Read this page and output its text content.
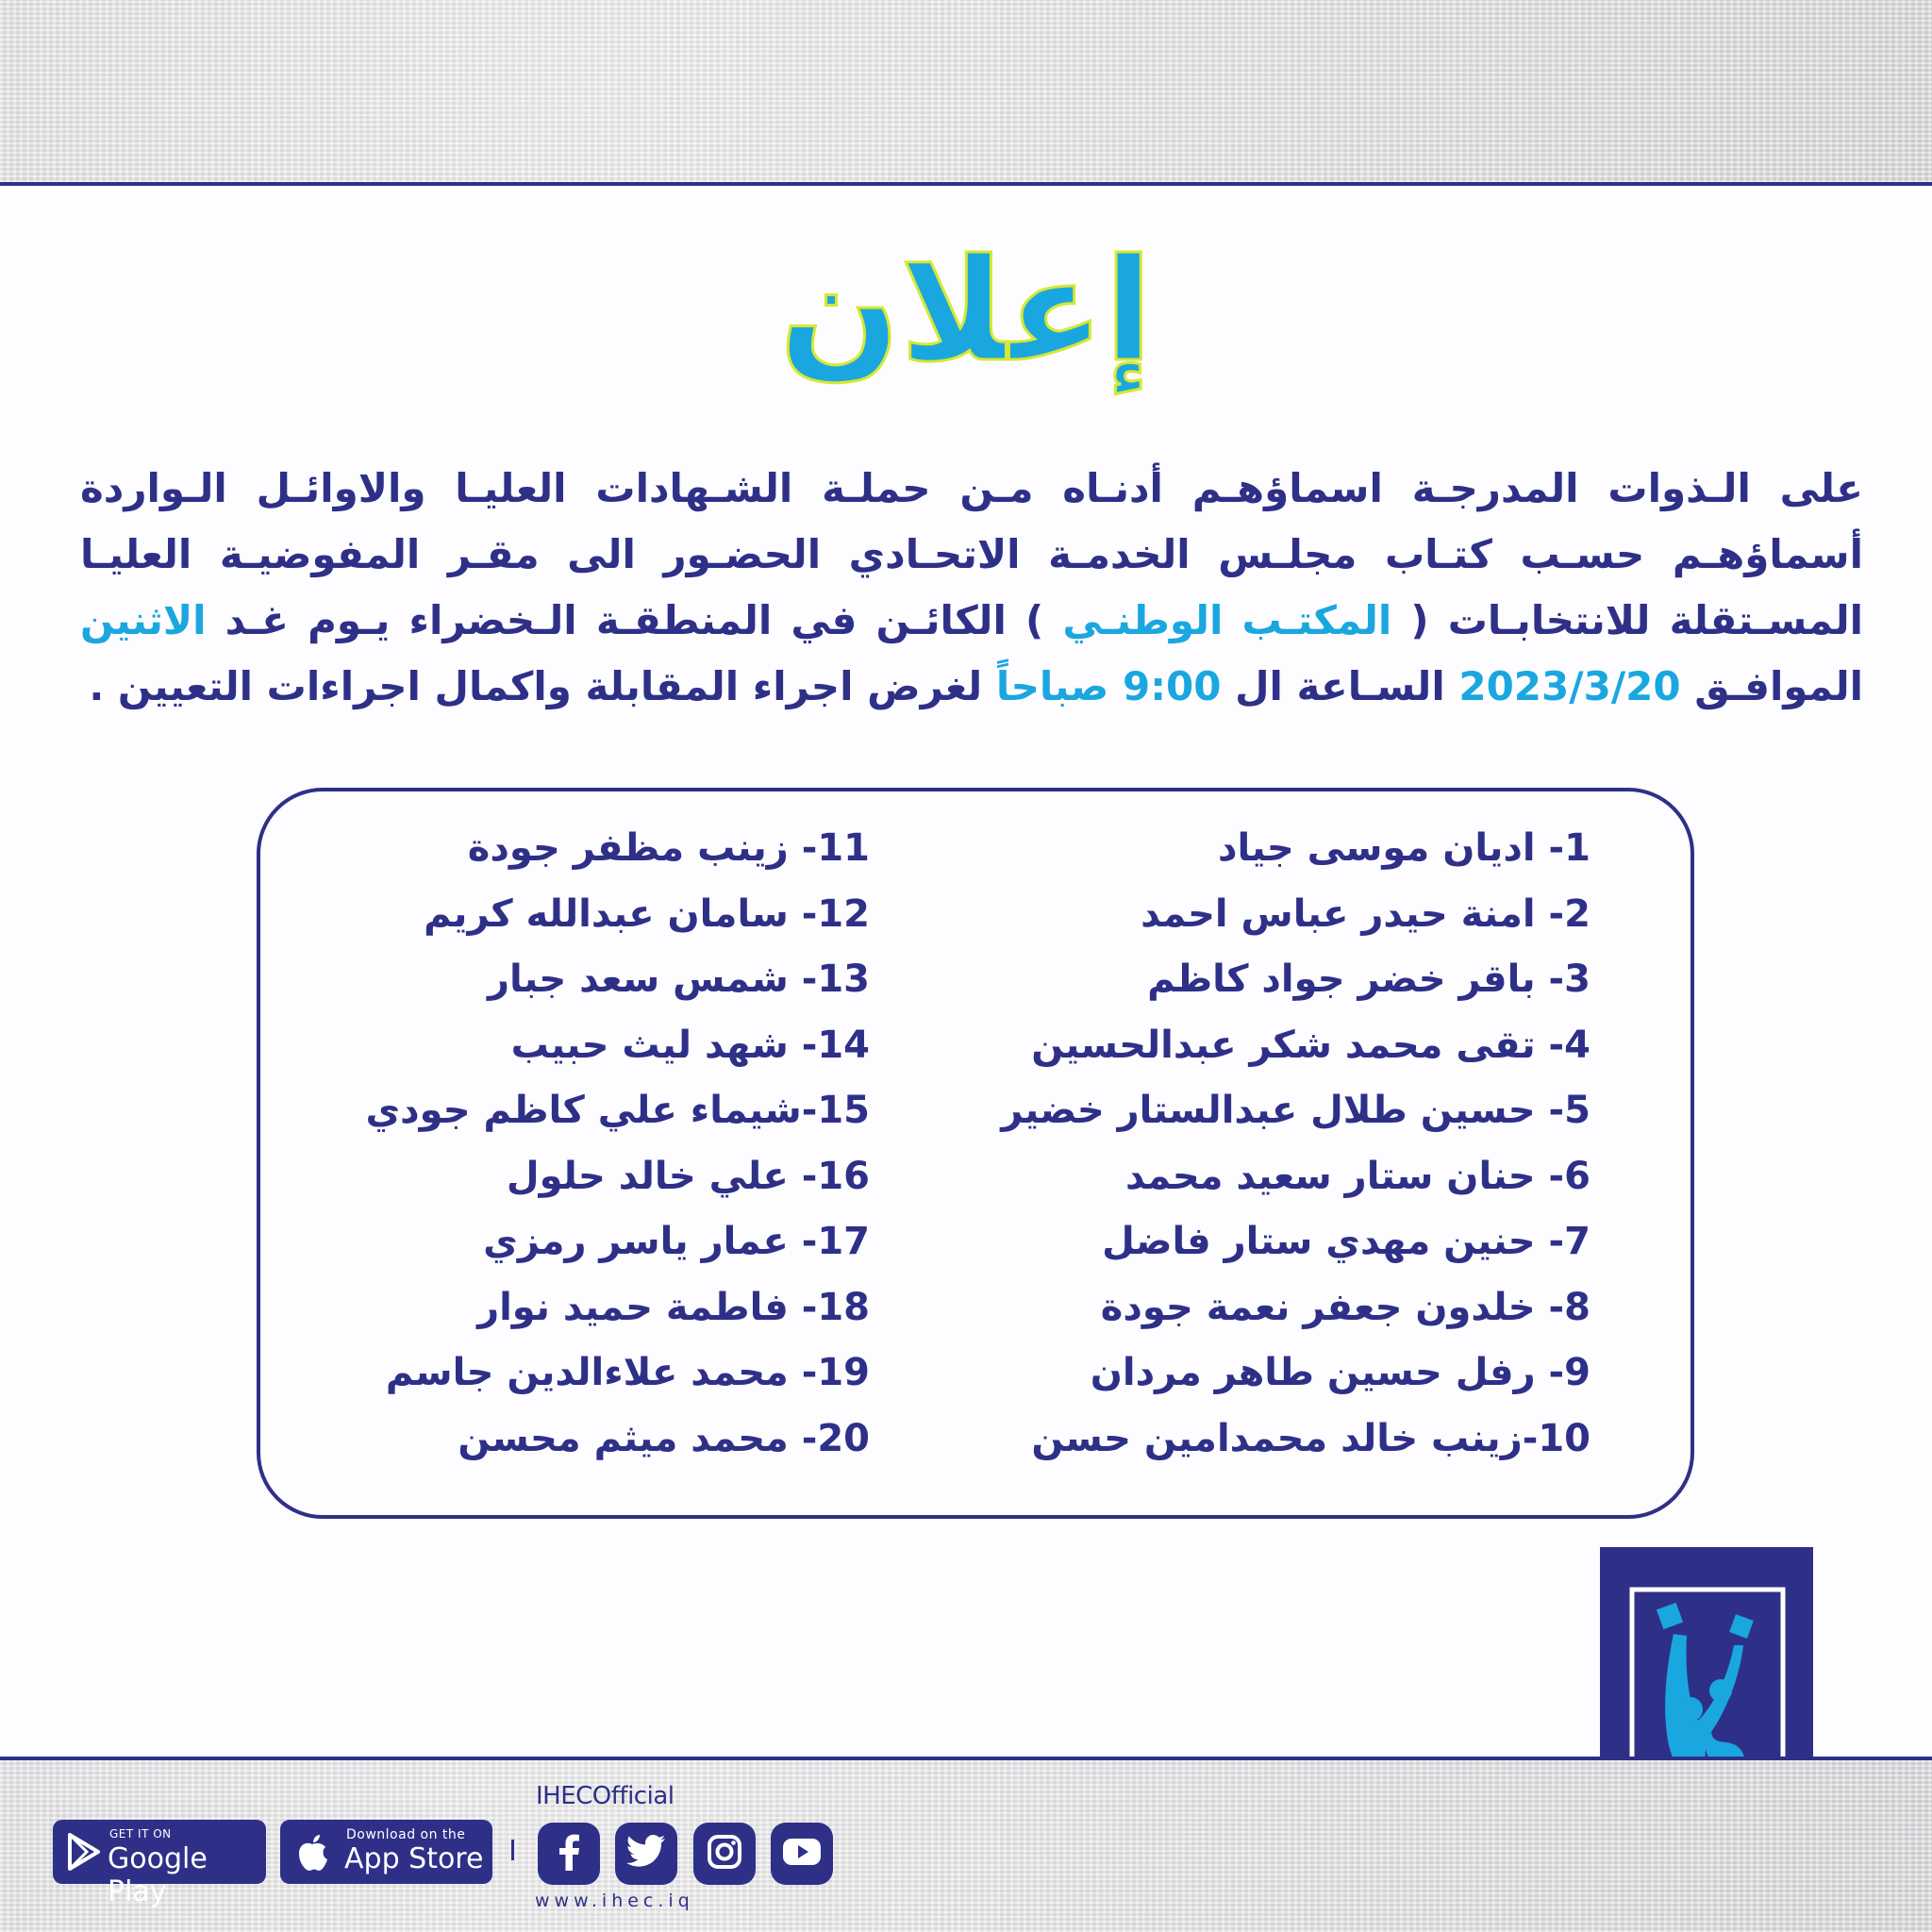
إعلان
على الـذوات المدرجـة اسماؤهـم أدنـاه مـن حملـة الشـهادات العليـا والاوائـل الـواردة أسماؤهـم حسـب كتـاب مجلـس الخدمـة الاتحـادي الحضـور الى مقـر المفوضيـة العليـا المسـتقلة للانتخابـات ( المكتـب الوطنـي ) الكائـن في المنطقـة الـخضراء يـوم غـد الاثنين الموافـق 2023/3/20 السـاعة ال 9:00 صباحاً لغرض اجراء المقابلة واكمال اجراءات التعيين .
1- اديان موسى جياد
2- امنة حيدر عباس احمد
3- باقر خضر جواد كاظم
4- تقى محمد شكر عبدالحسين
5- حسين طلال عبدالستار خضير
6- حنان ستار سعيد محمد
7- حنين مهدي ستار فاضل
8- خلدون جعفر نعمة جودة
9- رفل حسين طاهر مردان
10-زينب خالد محمدامين حسن
11- زينب مظفر جودة
12- سامان عبدالله كريم
13- شمس سعد جبار
14- شهد ليث حبيب
15-شيماء علي كاظم جودي
16- علي خالد حلول
17- عمار ياسر رمزي
18- فاطمة حميد نوار
19- محمد علاءالدين جاسم
20- محمد ميثم محسن
GET IT ON
Google Play
Download on the
App Store
IHECOfficial
www.ihec.iq
